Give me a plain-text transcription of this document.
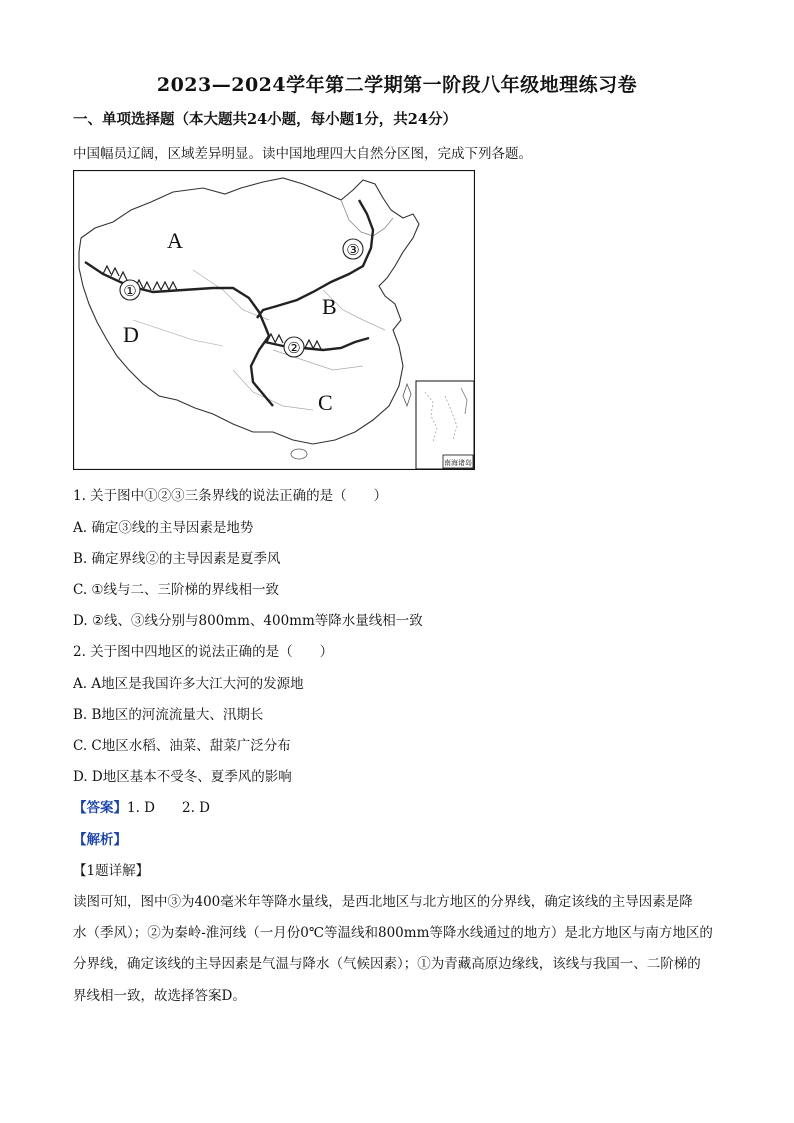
2023—2024学年第二学期第一阶段八年级地理练习卷
一、单项选择题（本大题共24小题，每小题1分，共24分）
中国幅员辽阔，区域差异明显。读中国地理四大自然分区图，完成下列各题。
①
②
③
A
B
C
D
南海诸岛
1. 关于图中①②③三条界线的说法正确的是（　　）
A. 确定③线的主导因素是地势
B. 确定界线②的主导因素是夏季风
C. ①线与二、三阶梯的界线相一致
D. ②线、③线分别与800mm、400mm等降水量线相一致
2. 关于图中四地区的说法正确的是（　　）
A. A地区是我国许多大江大河的发源地
B. B地区的河流流量大、汛期长
C. C地区水稻、油菜、甜菜广泛分布
D. D地区基本不受冬、夏季风的影响
【答案】1. D　　2. D
【解析】
【1题详解】
读图可知，图中③为400毫米年等降水量线，是西北地区与北方地区的分界线，确定该线的主导因素是降
水（季风）；②为秦岭-淮河线（一月份0℃等温线和800mm等降水线通过的地方）是北方地区与南方地区的
分界线，确定该线的主导因素是气温与降水（气候因素）；①为青藏高原边缘线，该线与我国一、二阶梯的
界线相一致，故选择答案D。
